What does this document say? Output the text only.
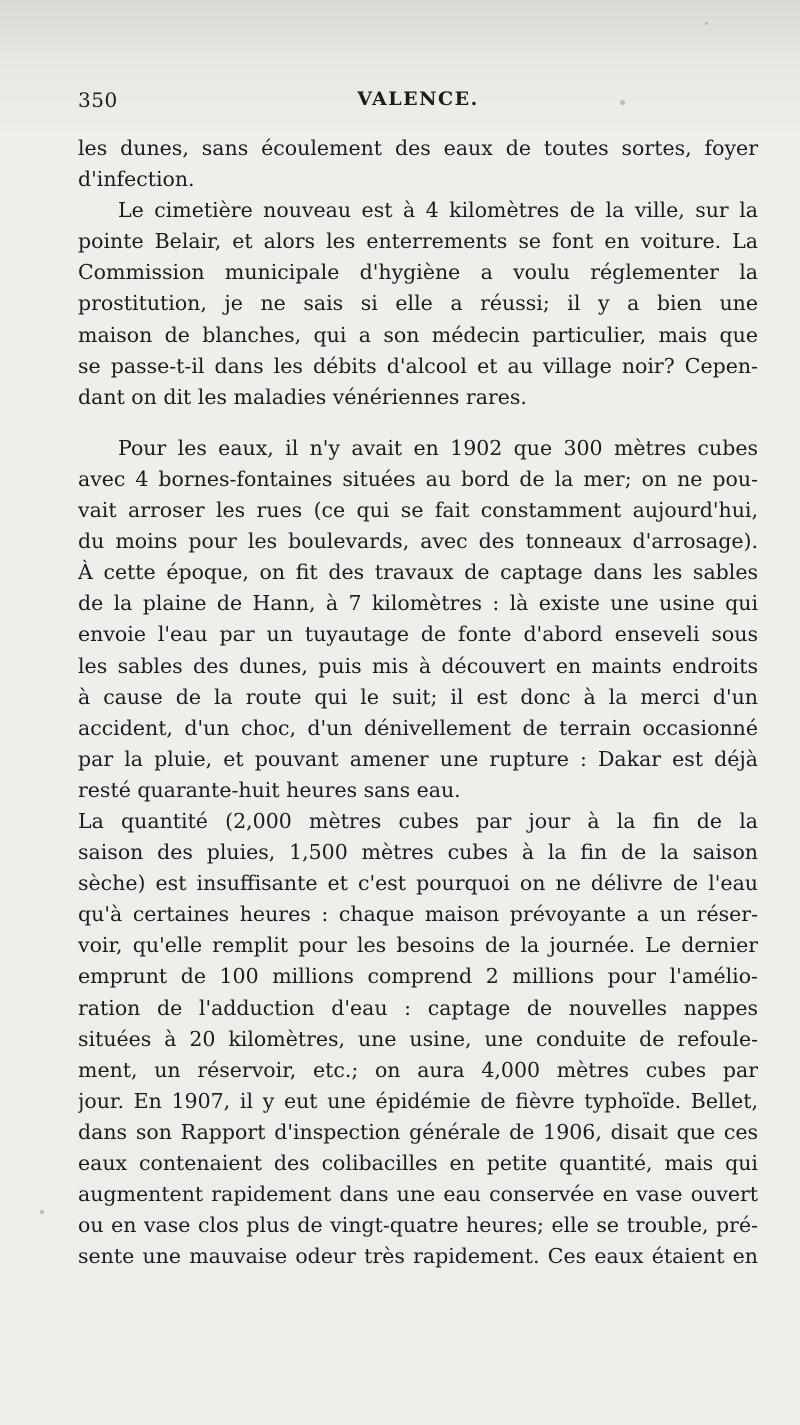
350	VALENCE.
les dunes, sans écoulement des eaux de toutes sortes, foyer
d'infection.
Le cimetière nouveau est à 4 kilomètres de la ville, sur la
pointe Belair, et alors les enterrements se font en voiture. La
Commission municipale d'hygiène a voulu réglementer la
prostitution, je ne sais si elle a réussi; il y a bien une
maison de blanches, qui a son médecin particulier, mais que
se passe-t-il dans les débits d'alcool et au village noir? Cepen-
dant on dit les maladies vénériennes rares.
Pour les eaux, il n'y avait en 1902 que 300 mètres cubes
avec 4 bornes-fontaines situées au bord de la mer; on ne pou-
vait arroser les rues (ce qui se fait constamment aujourd'hui,
du moins pour les boulevards, avec des tonneaux d'arrosage).
À cette époque, on fit des travaux de captage dans les sables
de la plaine de Hann, à 7 kilomètres : là existe une usine qui
envoie l'eau par un tuyautage de fonte d'abord enseveli sous
les sables des dunes, puis mis à découvert en maints endroits
à cause de la route qui le suit; il est donc à la merci d'un
accident, d'un choc, d'un dénivellement de terrain occasionné
par la pluie, et pouvant amener une rupture : Dakar est déjà
resté quarante-huit heures sans eau.
La quantité (2,000 mètres cubes par jour à la fin de la
saison des pluies, 1,500 mètres cubes à la fin de la saison
sèche) est insuffisante et c'est pourquoi on ne délivre de l'eau
qu'à certaines heures : chaque maison prévoyante a un réser-
voir, qu'elle remplit pour les besoins de la journée. Le dernier
emprunt de 100 millions comprend 2 millions pour l'amélio-
ration de l'adduction d'eau : captage de nouvelles nappes
situées à 20 kilomètres, une usine, une conduite de refoule-
ment, un réservoir, etc.; on aura 4,000 mètres cubes par
jour. En 1907, il y eut une épidémie de fièvre typhoïde. Bellet,
dans son Rapport d'inspection générale de 1906, disait que ces
eaux contenaient des colibacilles en petite quantité, mais qui
augmentent rapidement dans une eau conservée en vase ouvert
ou en vase clos plus de vingt-quatre heures; elle se trouble, pré-
sente une mauvaise odeur très rapidement. Ces eaux étaient en
